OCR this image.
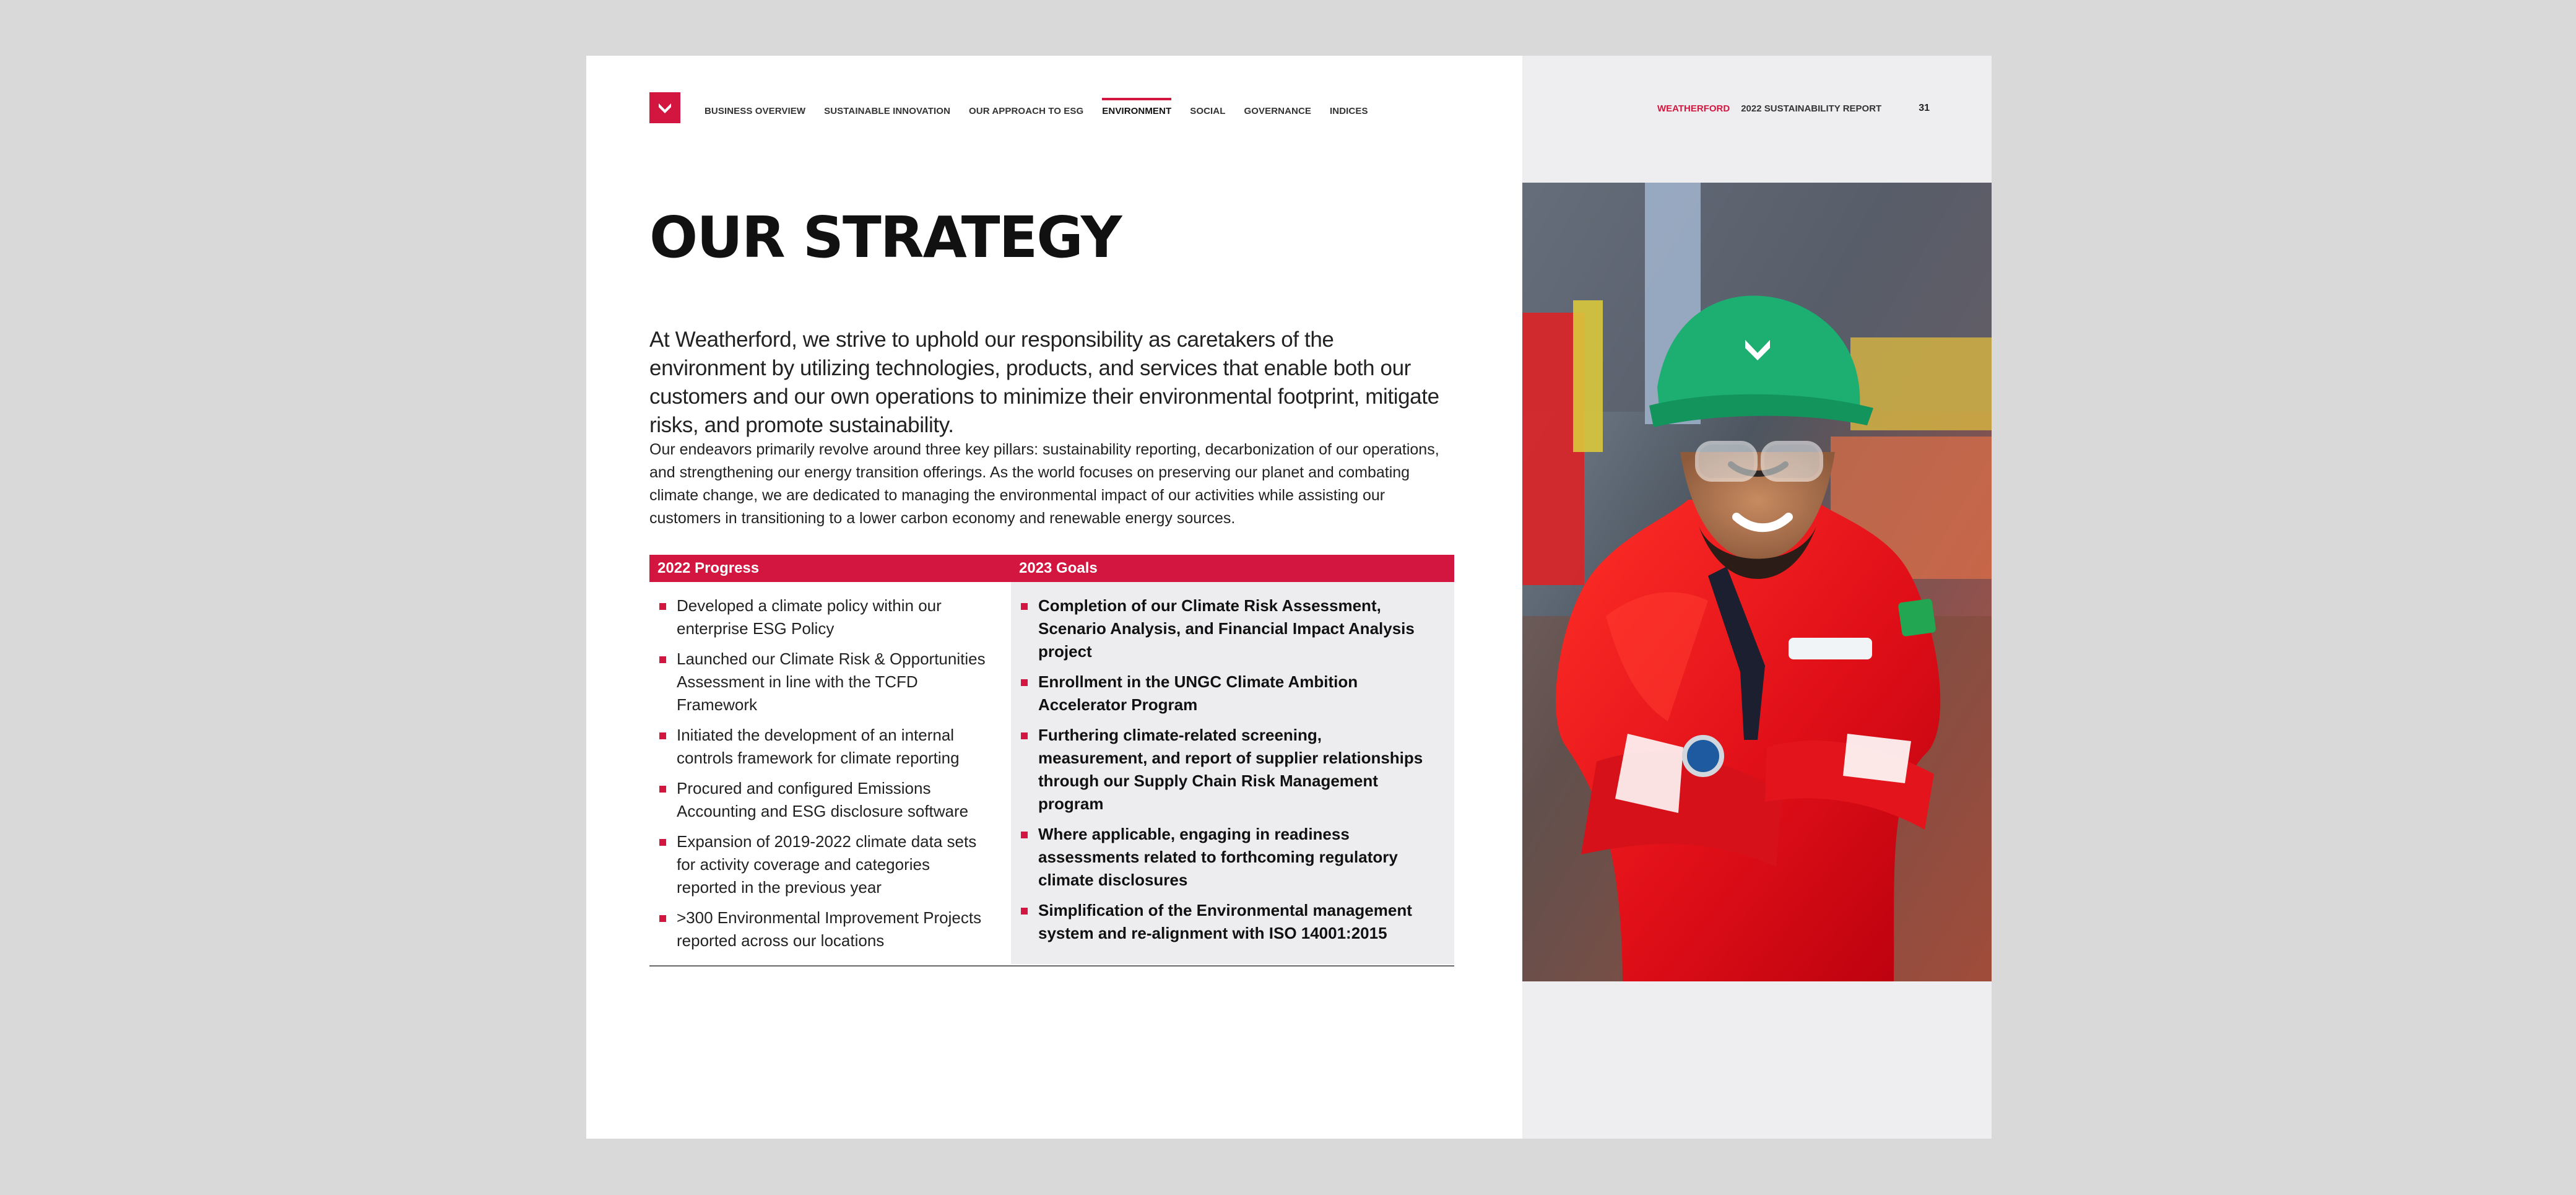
BUSINESS OVERVIEW SUSTAINABLE INNOVATION OUR APPROACH TO ESG ENVIRONMENT SOCIAL GOVERNANCE INDICES
OUR STRATEGY
At Weatherford, we strive to uphold our responsibility as caretakers of the environment by utilizing technologies, products, and services that enable both our customers and our own operations to minimize their environmental footprint, mitigate risks, and promote sustainability.
Our endeavors primarily revolve around three key pillars: sustainability reporting, decarbonization of our operations, and strengthening our energy transition offerings. As the world focuses on preserving our planet and combating climate change, we are dedicated to managing the environmental impact of our activities while assisting our customers in transitioning to a lower carbon economy and renewable energy sources.
2022 Progress	2023 Goals
Developed a climate policy within our enterprise ESG Policy
Launched our Climate Risk & Opportunities Assessment in line with the TCFD Framework
Initiated the development of an internal controls framework for climate reporting
Procured and configured Emissions Accounting and ESG disclosure software
Expansion of 2019-2022 climate data sets for activity coverage and categories reported in the previous year
>300 Environmental Improvement Projects reported across our locations
Completion of our Climate Risk Assessment, Scenario Analysis, and Financial Impact Analysis project
Enrollment in the UNGC Climate Ambition Accelerator Program
Furthering climate-related screening, measurement, and report of supplier relationships through our Supply Chain Risk Management program
Where applicable, engaging in readiness assessments related to forthcoming regulatory climate disclosures
Simplification of the Environmental management system and re-alignment with ISO 14001:2015
WEATHERFORD 2022 SUSTAINABILITY REPORT	31
